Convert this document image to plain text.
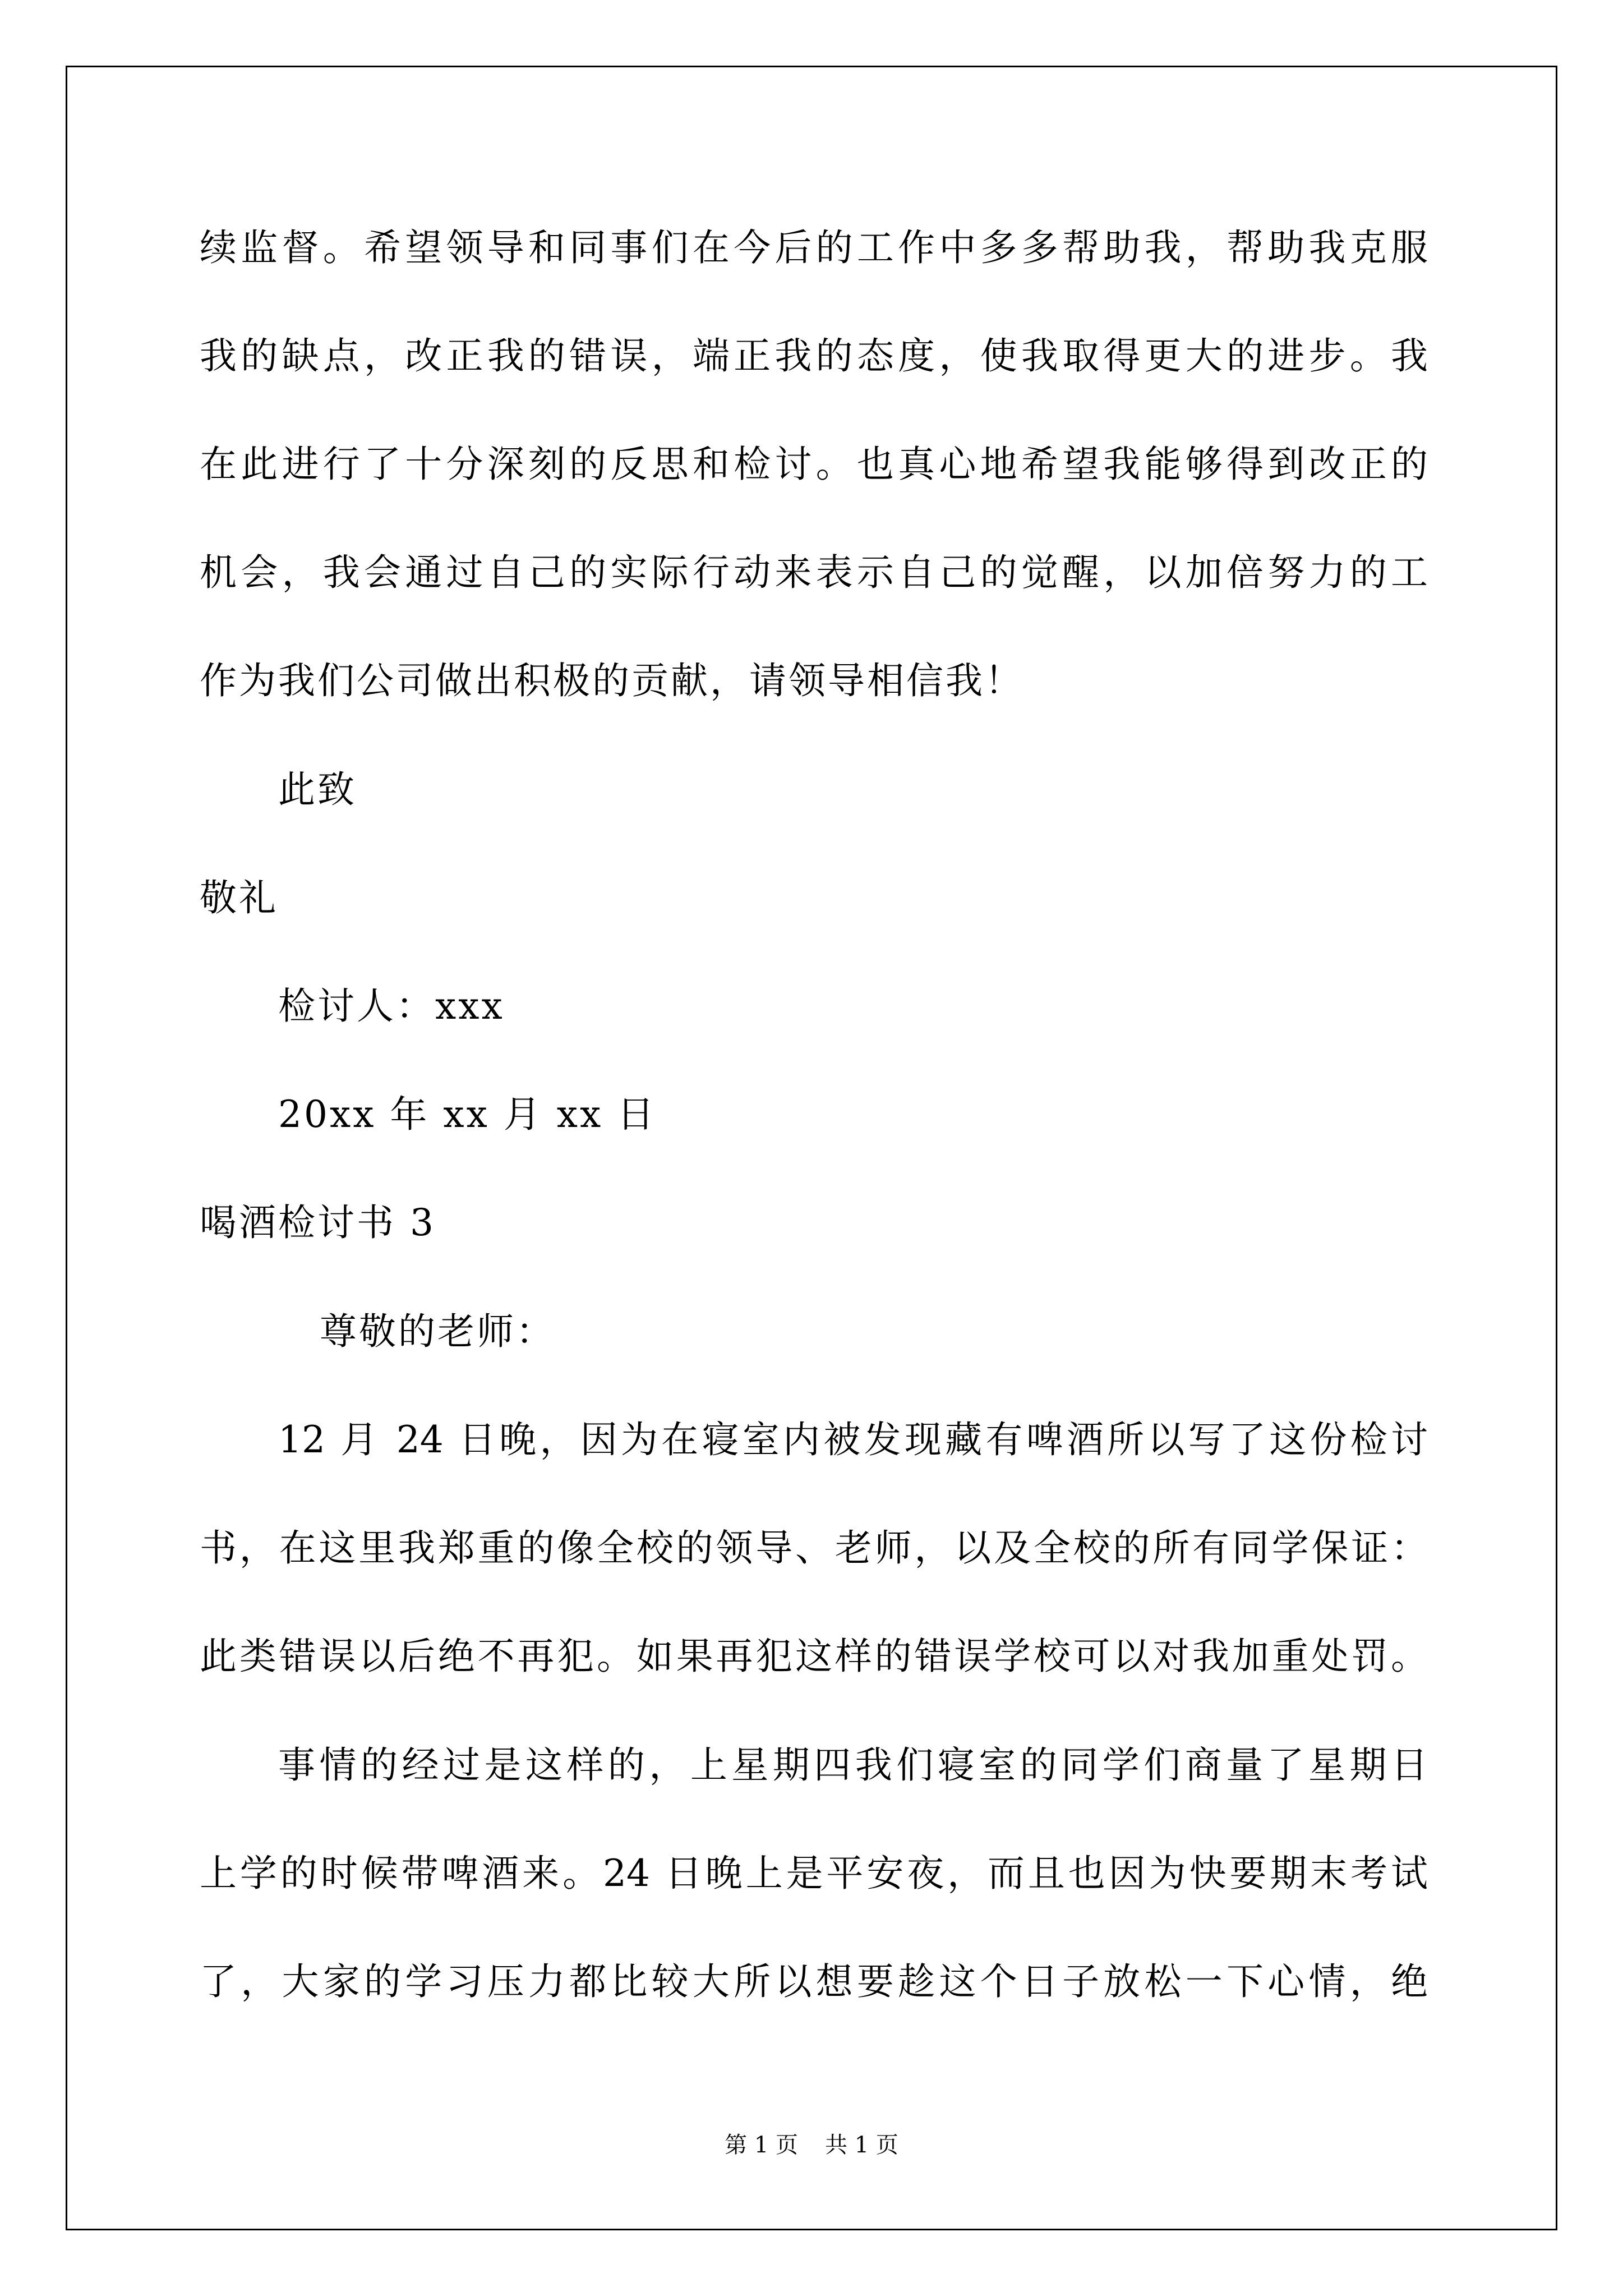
续监督。希望领导和同事们在今后的工作中多多帮助我，帮助我克服
我的缺点，改正我的错误，端正我的态度，使我取得更大的进步。我
在此进行了十分深刻的反思和检讨。也真心地希望我能够得到改正的
机会，我会通过自己的实际行动来表示自己的觉醒，以加倍努力的工
作为我们公司做出积极的贡献，请领导相信我！
此致
敬礼
检讨人：xxx
20xx 年 xx 月 xx 日
喝酒检讨书 3
尊敬的老师：
12 月 24 日晚，因为在寝室内被发现藏有啤酒所以写了这份检讨
书，在这里我郑重的像全校的领导、老师，以及全校的所有同学保证：
此类错误以后绝不再犯。如果再犯这样的错误学校可以对我加重处罚。
事情的经过是这样的，上星期四我们寝室的同学们商量了星期日
上学的时候带啤酒来。24 日晚上是平安夜，而且也因为快要期末考试
了，大家的学习压力都比较大所以想要趁这个日子放松一下心情，绝
第 1 页 共 1 页
